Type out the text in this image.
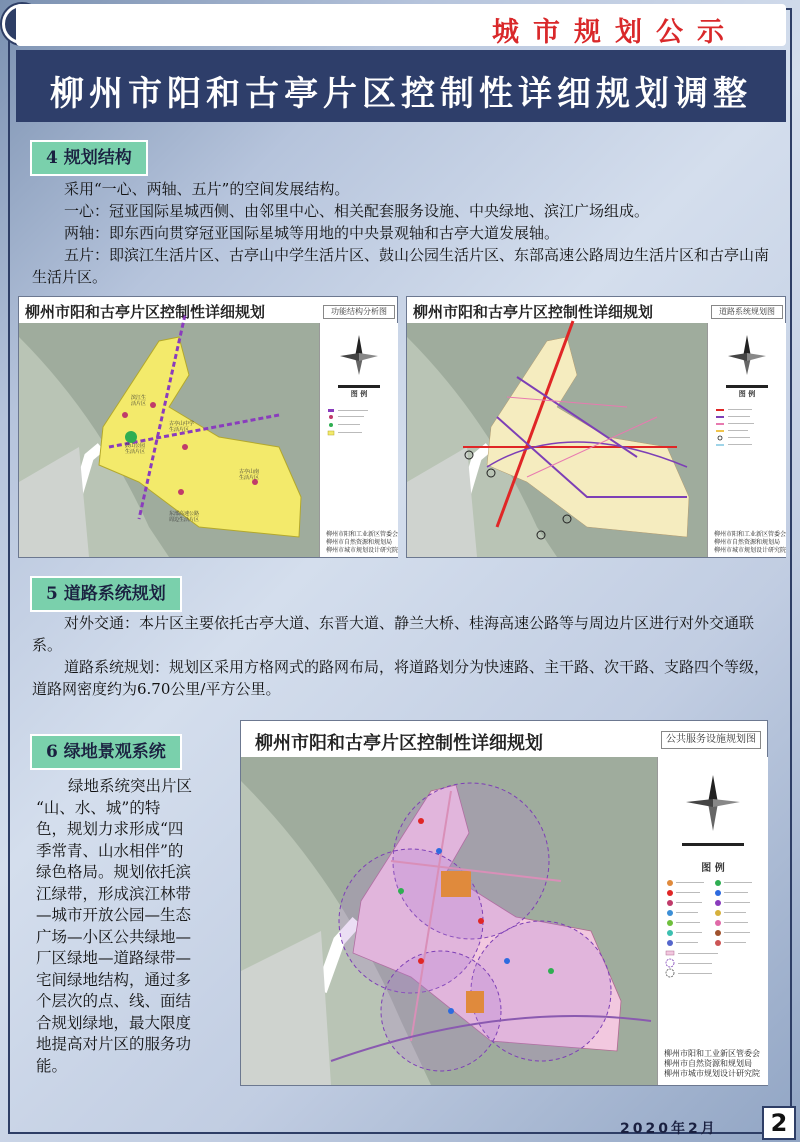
城市规划公示
柳州市阳和古亭片区控制性详细规划调整
4 规划结构

采用“一心、两轴、五片”的空间发展结构。

一心：冠亚国际星城西侧、由邻里中心、相关配套服务设施、中央绿地、滨江广场组成。

两轴：即东西向贯穿冠亚国际星城等用地的中央景观轴和古亭大道发展轴。

五片：即滨江生活片区、古亭山中学生活片区、鼓山公园生活片区、东部高速公路周边生活片区和古亭山南生活片区。

滨江生
活片区
古亭山中学
生活片区
鼓山公园
生活片区
古亭山南
生活片区
东部高速公路
周边生活片区
柳州市阳和古亭片区控制性详细规划	功能结构分析图
图 例
柳州市阳和工业新区管委会
柳州市自然资源和规划局
柳州市城市规划设计研究院
柳州市阳和古亭片区控制性详细规划	道路系统规划图
图 例
柳州市阳和工业新区管委会
柳州市自然资源和规划局
柳州市城市规划设计研究院
5 道路系统规划

对外交通：本片区主要依托古亭大道、东晋大道、静兰大桥、桂海高速公路等与周边片区进行对外交通联系。

道路系统规划：规划区采用方格网式的路网布局，将道路划分为快速路、主干路、次干路、支路四个等级，道路网密度约为6.70公里/平方公里。

6 绿地景观系统

绿地系统突出片区

“山、水、城”的特

色，规划力求形成“四

季常青、山水相伴”的

绿色格局。规划依托滨

江绿带，形成滨江林带

—城市开放公园—生态

广场—小区公共绿地—

厂区绿地—道路绿带—

宅间绿地结构，通过多

个层次的点、线、面结

合规划绿地，最大限度

地提高对片区的服务功

能。

柳州市阳和古亭片区控制性详细规划	公共服务设施规划图
图 例
柳州市阳和工业新区管委会
柳州市自然资源和规划局
柳州市城市规划设计研究院
2020年2月	2
